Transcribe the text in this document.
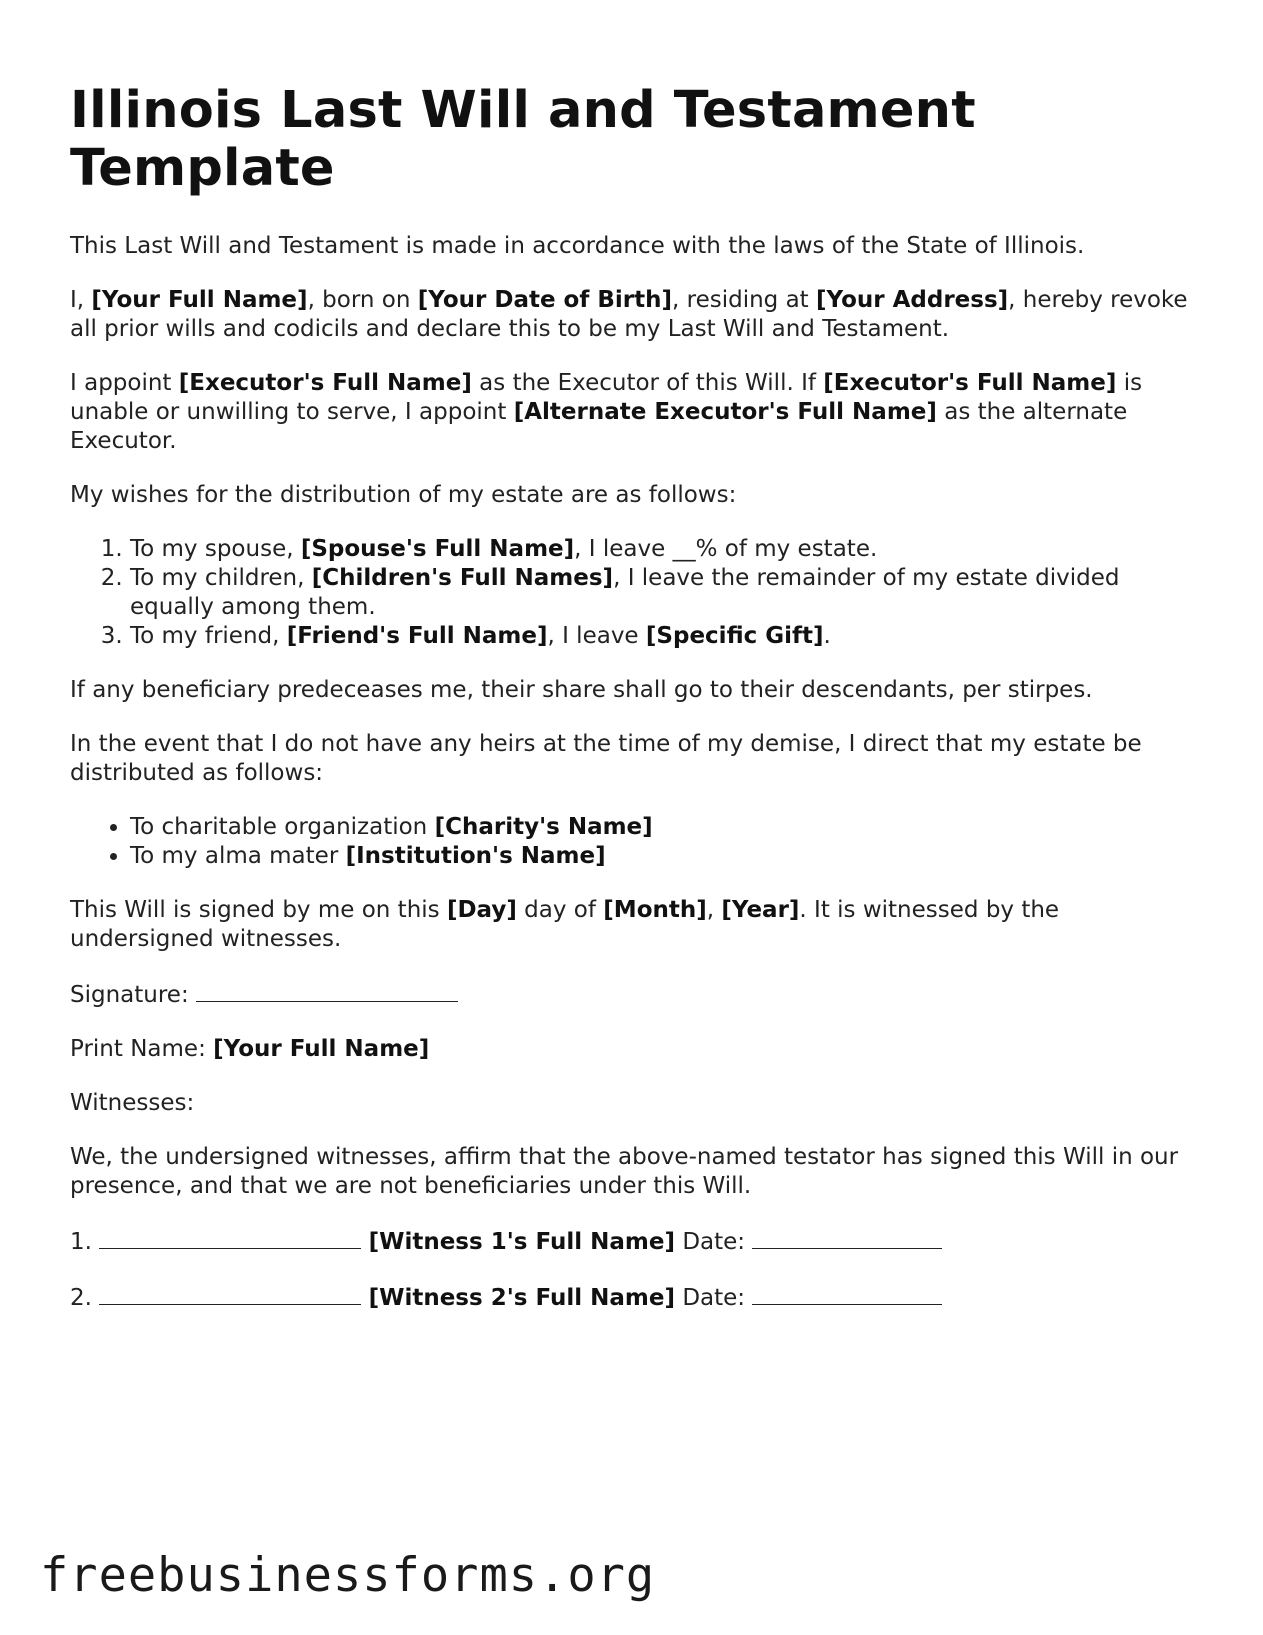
Illinois Last Will and Testament Template

This Last Will and Testament is made in accordance with the laws of the State of Illinois.

I, [Your Full Name], born on [Your Date of Birth], residing at [Your Address], hereby revoke all prior wills and codicils and declare this to be my Last Will and Testament.

I appoint [Executor's Full Name] as the Executor of this Will. If [Executor's Full Name] is unable or unwilling to serve, I appoint [Alternate Executor's Full Name] as the alternate Executor.

My wishes for the distribution of my estate are as follows:

1. To my spouse, [Spouse's Full Name], I leave __% of my estate.
2. To my children, [Children's Full Names], I leave the remainder of my estate divided equally among them.
3. To my friend, [Friend's Full Name], I leave [Specific Gift].

If any beneficiary predeceases me, their share shall go to their descendants, per stirpes.

In the event that I do not have any heirs at the time of my demise, I direct that my estate be distributed as follows:

• To charitable organization [Charity's Name]
• To my alma mater [Institution's Name]

This Will is signed by me on this [Day] day of [Month], [Year]. It is witnessed by the undersigned witnesses.

Signature:

Print Name: [Your Full Name]

Witnesses:

We, the undersigned witnesses, affirm that the above-named testator has signed this Will in our presence, and that we are not beneficiaries under this Will.

1.	[Witness 1's Full Name] Date:

2.	[Witness 2's Full Name] Date:

freebusinessforms.org
